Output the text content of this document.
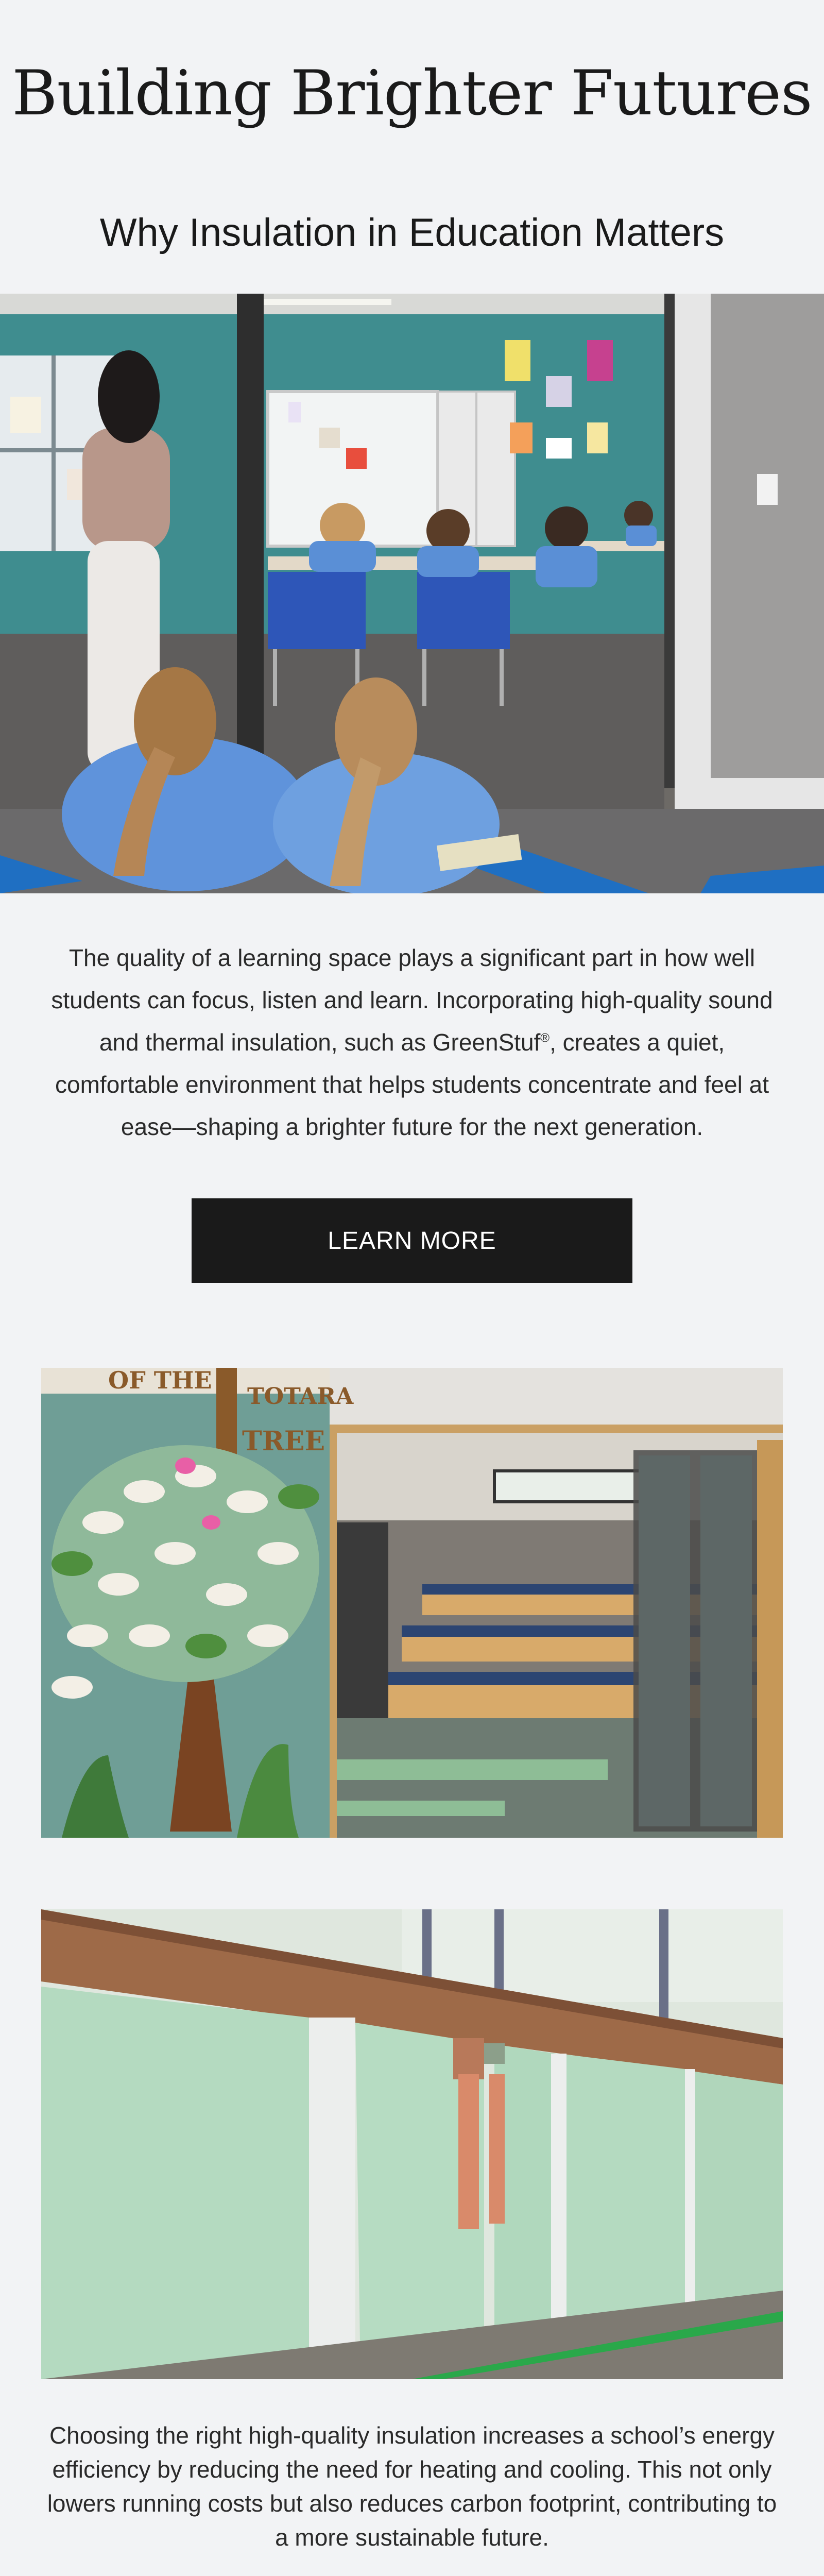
Building Brighter Futures
Why Insulation in Education Matters

The quality of a learning space plays a significant part in how well students can focus, listen and learn. Incorporating high-quality sound and thermal insulation, such as GreenStuf®, creates a quiet, comfortable environment that helps students concentrate and feel at ease—shaping a brighter future for the next generation.

LEARN MORE
OF THE
TOTARA
TREE

Choosing the right high-quality insulation increases a school’s energy efficiency by reducing the need for heating and cooling. This not only lowers running costs but also reduces carbon footprint, contributing to a more sustainable future.
